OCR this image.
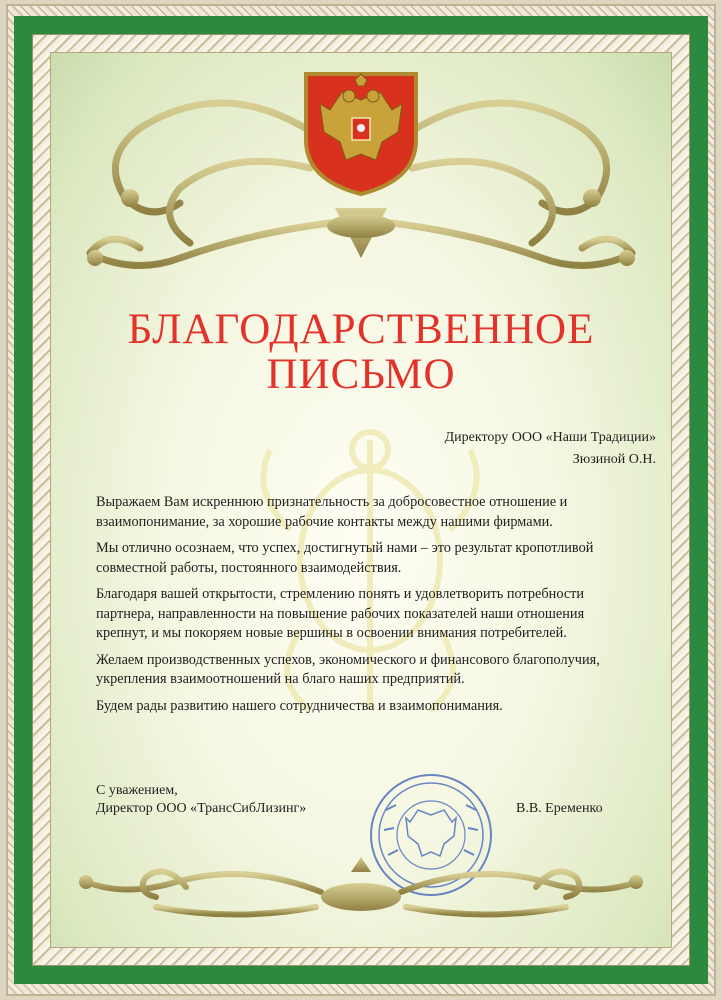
БЛАГОДАРСТВЕННОЕ
ПИСЬМО
Директору ООО «Наши Традиции»
Зюзиной О.Н.

Выражаем Вам искреннюю признательность за добросовестное отношение и взаимопонимание, за хорошие рабочие контакты между нашими фирмами.

Мы отлично осознаем, что успех, достигнутый нами – это результат кропотливой совместной работы, постоянного взаимодействия.

Благодаря вашей открытости, стремлению понять и удовлетворить потребности партнера, направленности на повышение рабочих показателей наши отношения крепнут, и мы покоряем новые вершины в освоении внимания потребителей.

Желаем производственных успехов, экономического и финансового благополучия, укрепления взаимоотношений на благо наших предприятий.

Будем рады развитию нашего сотрудничества и взаимопонимания.

С уважением,
Директор ООО «ТрансСибЛизинг»	В.В. Еременко
